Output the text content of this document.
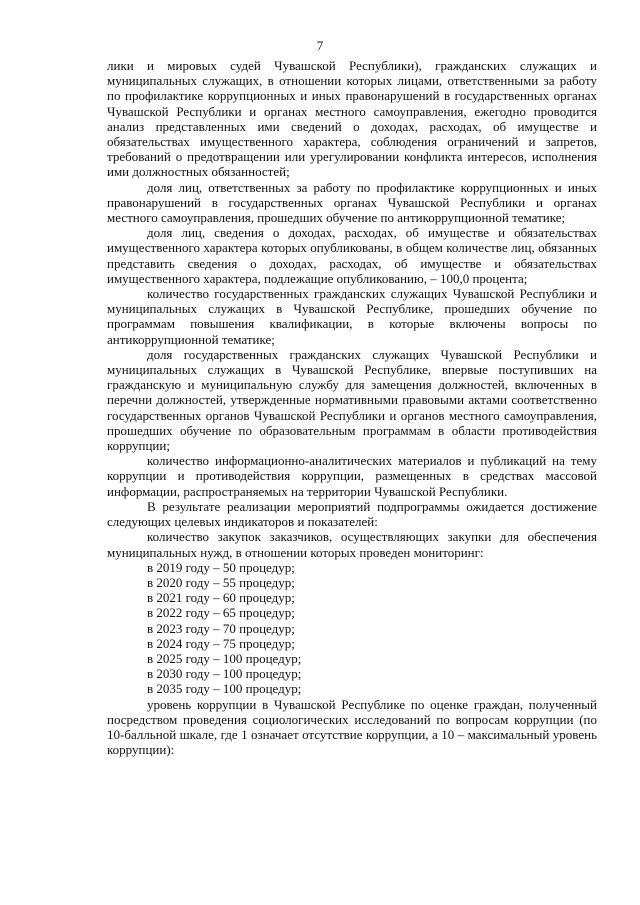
7

лики и мировых судей Чувашской Республики), гражданских служащих и муниципальных служащих, в отношении которых лицами, ответственными за работу по профилактике коррупционных и иных правонарушений в государственных органах Чувашской Республики и органах местного самоуправления, ежегодно проводится анализ представленных ими сведений о доходах, расходах, об имуществе и обязательствах имущественного характера, соблюдения ограничений и запретов, требований о предотвращении или урегулировании конфликта интересов, исполнения ими должностных обязанностей;

доля лиц, ответственных за работу по профилактике коррупционных и иных правонарушений в государственных органах Чувашской Республики и органах местного самоуправления, прошедших обучение по антикоррупционной тематике;

доля лиц, сведения о доходах, расходах, об имуществе и обязательствах имущественного характера которых опубликованы, в общем количестве лиц, обязанных представить сведения о доходах, расходах, об имуществе и обязательствах имущественного характера, подлежащие опубликованию, – 100,0 процента;

количество государственных гражданских служащих Чувашской Республики и муниципальных служащих в Чувашской Республике, прошедших обучение по программам повышения квалификации, в которые включены вопросы по антикоррупционной тематике;

доля государственных гражданских служащих Чувашской Республики и муниципальных служащих в Чувашской Республике, впервые поступивших на гражданскую и муниципальную службу для замещения должностей, включенных в перечни должностей, утвержденные нормативными правовыми актами соответственно государственных органов Чувашской Республики и органов местного самоуправления, прошедших обучение по образовательным программам в области противодействия коррупции;

количество информационно-аналитических материалов и публикаций на тему коррупции и противодействия коррупции, размещенных в средствах массовой информации, распространяемых на территории Чувашской Республики.

В результате реализации мероприятий подпрограммы ожидается достижение следующих целевых индикаторов и показателей:

количество закупок заказчиков, осуществляющих закупки для обеспечения муниципальных нужд, в отношении которых проведен мониторинг:

в 2019 году – 50 процедур;

в 2020 году – 55 процедур;

в 2021 году – 60 процедур;

в 2022 году – 65 процедур;

в 2023 году – 70 процедур;

в 2024 году – 75 процедур;

в 2025 году – 100 процедур;

в 2030 году – 100 процедур;

в 2035 году – 100 процедур;

уровень коррупции в Чувашской Республике по оценке граждан, полученный посредством проведения социологических исследований по вопросам коррупции (по 10-балльной шкале, где 1 означает отсутствие коррупции, а 10 – максимальный уровень коррупции):
